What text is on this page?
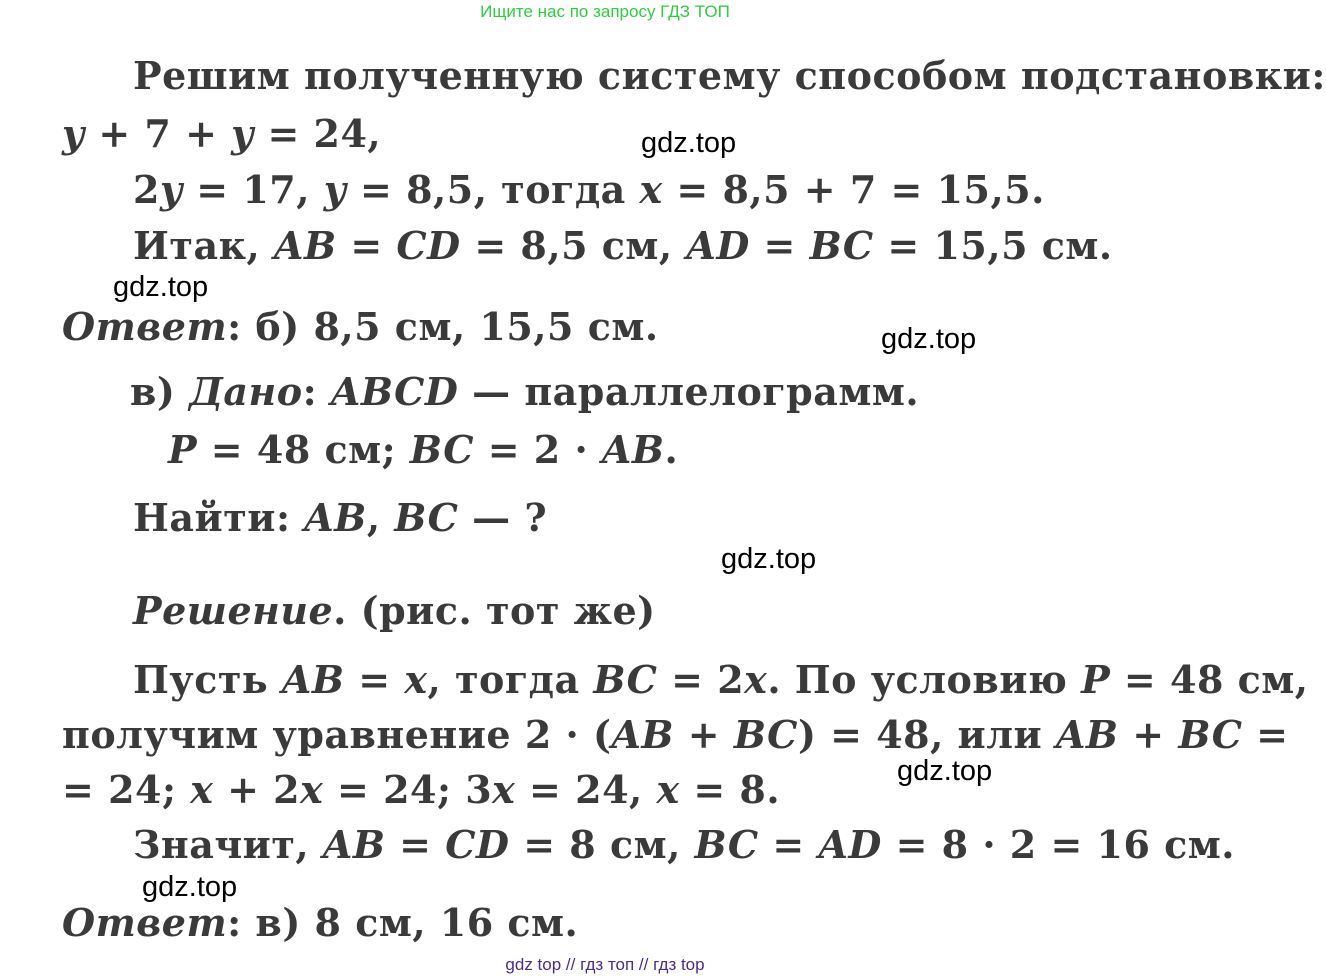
Ищите нас по запросу ГДЗ ТОП
Решим полученную систему способом подстановки:
y + 7 + y = 24,
2y = 17, y = 8,5, тогда x = 8,5 + 7 = 15,5.
Итак, AB = CD = 8,5 см, AD = BC = 15,5 см.
Ответ: б) 8,5 см, 15,5 см.
в) Дано: ABCD — параллелограмм.
P = 48 см; BC = 2 · AB.
Найти: AB, BC — ?
Решение. (рис. тот же)
Пусть AB = x, тогда BC = 2x. По условию P = 48 см,
получим уравнение 2 · (AB + BC) = 48, или AB + BC =
= 24; x + 2x = 24; 3x = 24, x = 8.
Значит, AB = CD = 8 см, BC = AD = 8 · 2 = 16 см.
Ответ: в) 8 см, 16 см.
gdz.top
gdz.top
gdz.top
gdz.top
gdz.top
gdz.top
gdz top // гдз топ // гдз top
